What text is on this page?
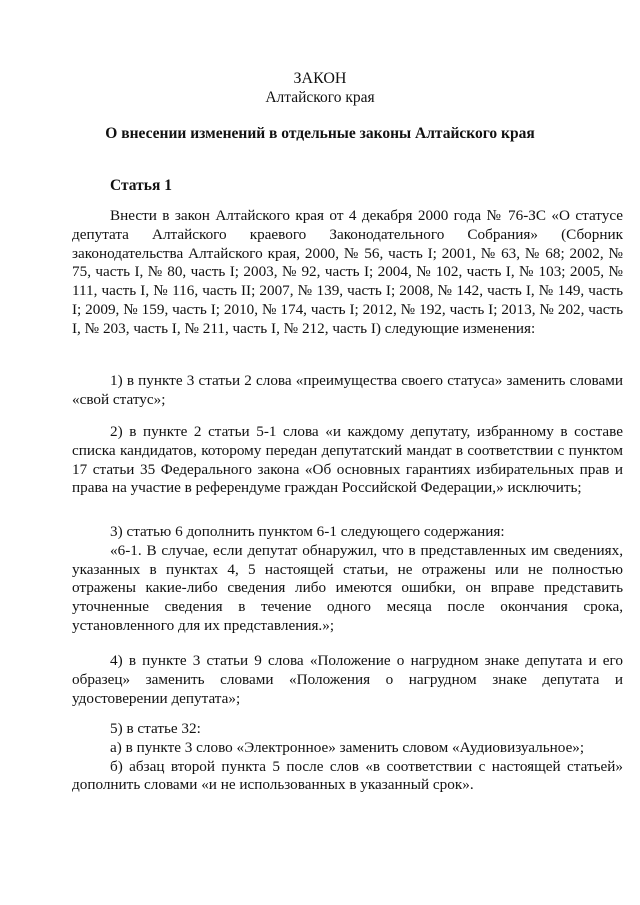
ЗАКОН
Алтайского края
О внесении изменений в отдельные законы Алтайского края
Статья 1

Внести в закон Алтайского края от 4 декабря 2000 года № 76-ЗС «О статусе депутата Алтайского краевого Законодательного Собрания» (Сборник законодательства Алтайского края, 2000, № 56, часть I; 2001, № 63, № 68; 2002, № 75, часть I, № 80, часть I; 2003, № 92, часть I; 2004, № 102, часть I, № 103; 2005, № 111, часть I, № 116, часть II; 2007, № 139, часть I; 2008, № 142, часть I, № 149, часть I; 2009, № 159, часть I; 2010, № 174, часть I; 2012, № 192, часть I; 2013, № 202, часть I, № 203, часть I, № 211, часть I, № 212, часть I) следующие изменения:

1) в пункте 3 статьи 2 слова «преимущества своего статуса» заменить словами «свой статус»;

2) в пункте 2 статьи 5-1 слова «и каждому депутату, избранному в составе списка кандидатов, которому передан депутатский мандат в соответствии с пунктом 17 статьи 35 Федерального закона «Об основных гарантиях избирательных прав и права на участие в референдуме граждан Российской Федерации,» исключить;

3) статью 6 дополнить пунктом 6-1 следующего содержания:

«6-1. В случае, если депутат обнаружил, что в представленных им сведениях, указанных в пунктах 4, 5 настоящей статьи, не отражены или не полностью отражены какие-либо сведения либо имеются ошибки, он вправе представить уточненные сведения в течение одного месяца после окончания срока, установленного для их представления.»;

4) в пункте 3 статьи 9 слова «Положение о нагрудном знаке депутата и его образец» заменить словами «Положения о нагрудном знаке депутата и удостоверении депутата»;

5) в статье 32:

а) в пункте 3 слово «Электронное» заменить словом «Аудиовизуальное»;

б) абзац второй пункта 5 после слов «в соответствии с настоящей статьей» дополнить словами «и не использованных в указанный срок».
